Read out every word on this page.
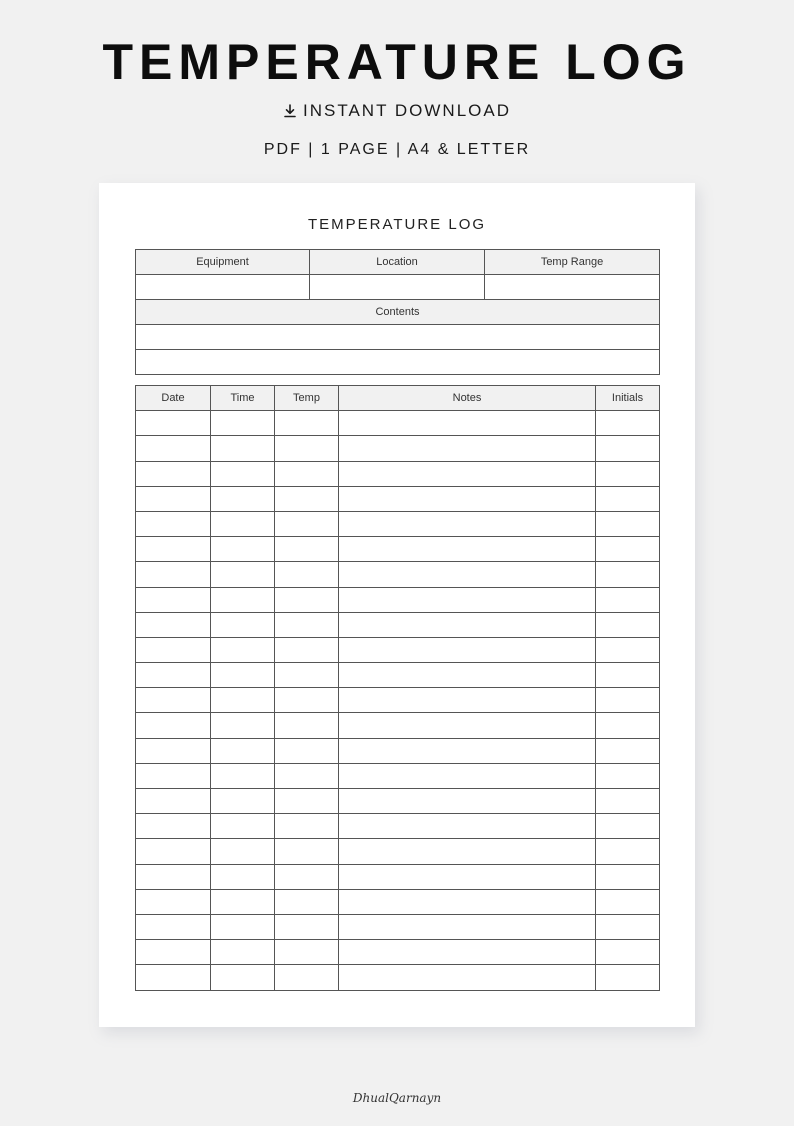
TEMPERATURE LOG
INSTANT DOWNLOAD
PDF | 1 PAGE | A4 & LETTER
TEMPERATURE LOG
Equipment	Location	Temp Range

Contents		

Date	Time	Temp	Notes	Initials

DhualQarnayn
